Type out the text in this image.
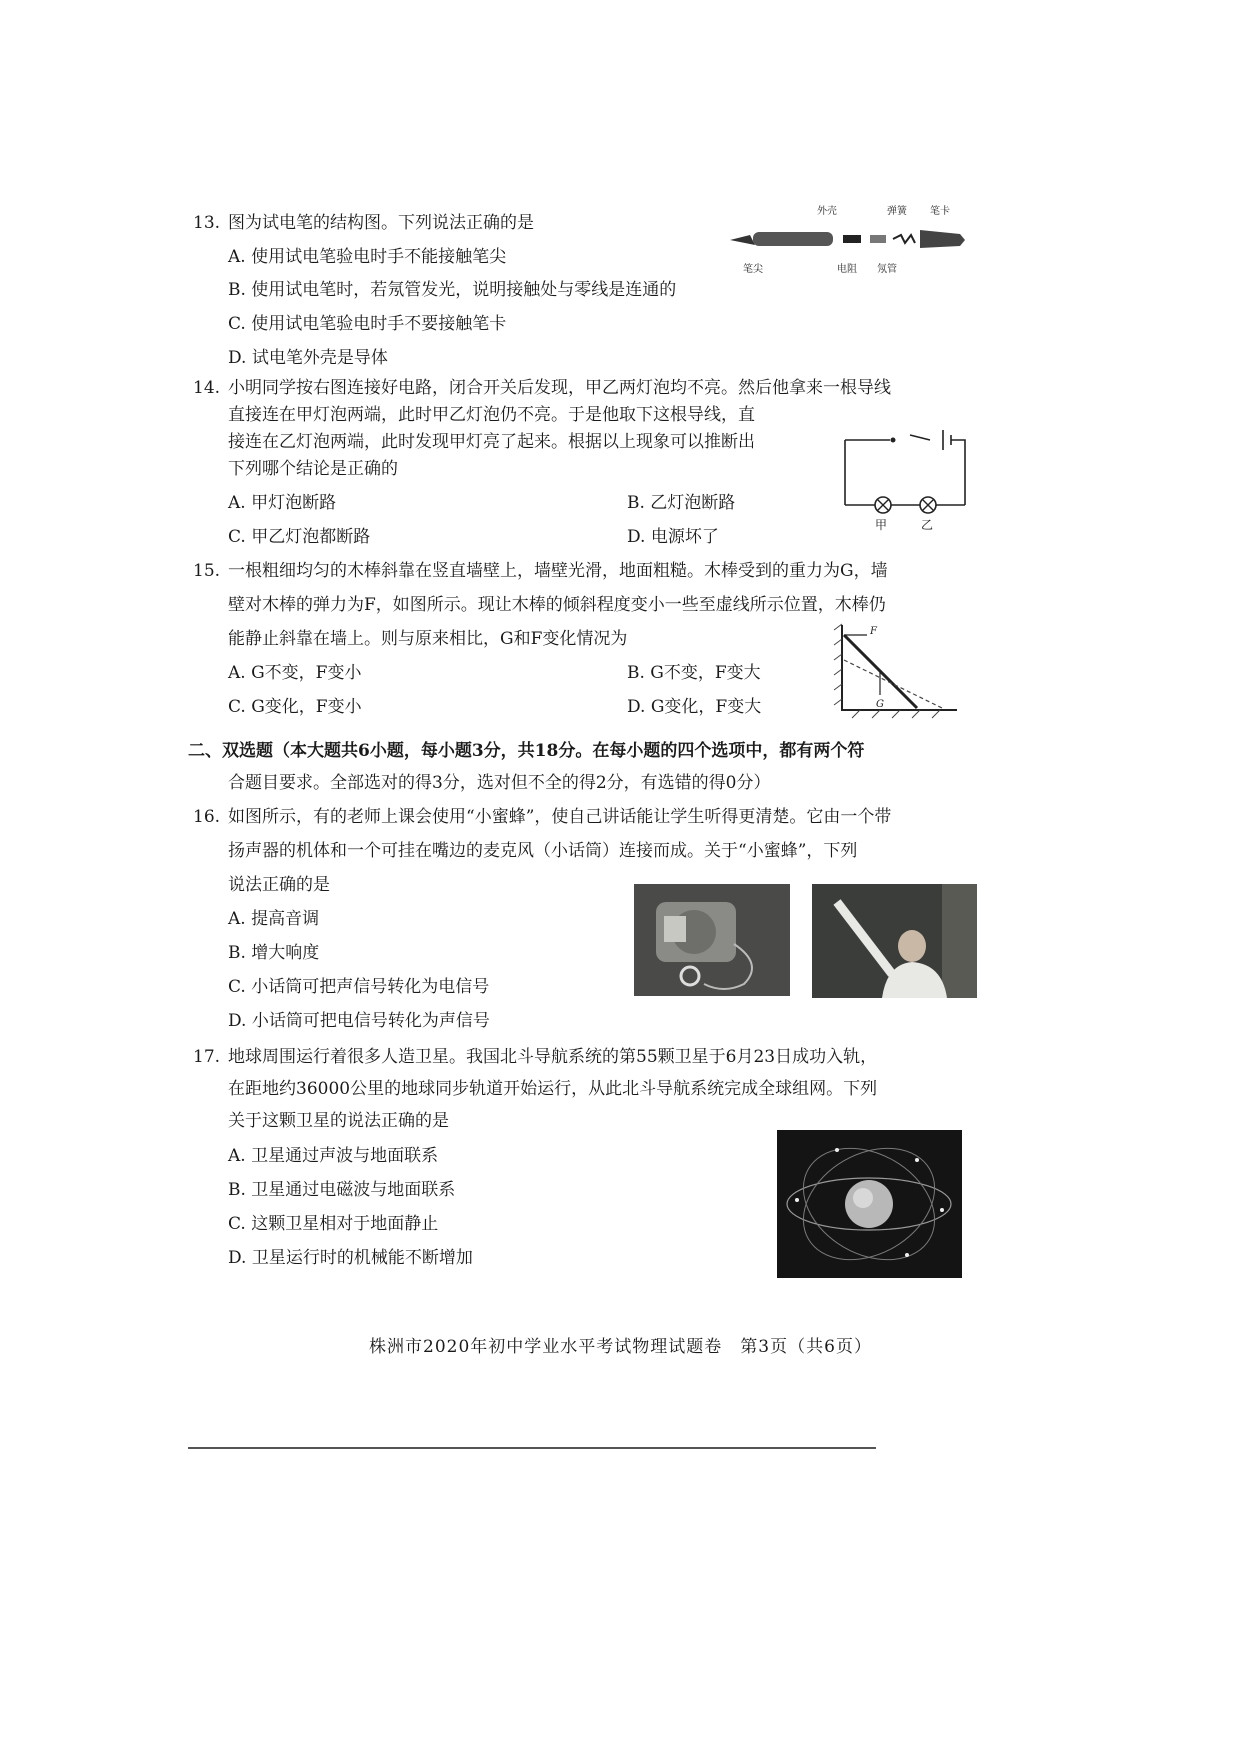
13. 图为试电笔的结构图。下列说法正确的是
A. 使用试电笔验电时手不能接触笔尖
B. 使用试电笔时，若氖管发光，说明接触处与零线是连通的
C. 使用试电笔验电时手不要接触笔卡
D. 试电笔外壳是导体
外壳	弹簧 笔卡
笔尖	电阻 氖管
14. 小明同学按右图连接好电路，闭合开关后发现，甲乙两灯泡均不亮。然后他拿来一根导线
直接连在甲灯泡两端，此时甲乙灯泡仍不亮。于是他取下这根导线，直
接连在乙灯泡两端，此时发现甲灯亮了起来。根据以上现象可以推断出
下列哪个结论是正确的
A. 甲灯泡断路	B. 乙灯泡断路
C. 甲乙灯泡都断路	D. 电源坏了
甲	乙
15. 一根粗细均匀的木棒斜靠在竖直墙壁上，墙壁光滑，地面粗糙。木棒受到的重力为G，墙
壁对木棒的弹力为F，如图所示。现让木棒的倾斜程度变小一些至虚线所示位置，木棒仍
能静止斜靠在墙上。则与原来相比，G和F变化情况为
A. G不变，F变小	B. G不变，F变大
C. G变化，F变小	D. G变化，F变大
F
G
二、双选题（本大题共6小题，每小题3分，共18分。在每小题的四个选项中，都有两个符
合题目要求。全部选对的得3分，选对但不全的得2分，有选错的得0分）
16. 如图所示，有的老师上课会使用“小蜜蜂”，使自己讲话能让学生听得更清楚。它由一个带
扬声器的机体和一个可挂在嘴边的麦克风（小话筒）连接而成。关于“小蜜蜂”，下列
说法正确的是
A. 提高音调
B. 增大响度
C. 小话筒可把声信号转化为电信号
D. 小话筒可把电信号转化为声信号
17. 地球周围运行着很多人造卫星。我国北斗导航系统的第55颗卫星于6月23日成功入轨，
在距地约36000公里的地球同步轨道开始运行，从此北斗导航系统完成全球组网。下列
关于这颗卫星的说法正确的是
A. 卫星通过声波与地面联系
B. 卫星通过电磁波与地面联系
C. 这颗卫星相对于地面静止
D. 卫星运行时的机械能不断增加
株洲市2020年初中学业水平考试物理试题卷　第3页（共6页）
